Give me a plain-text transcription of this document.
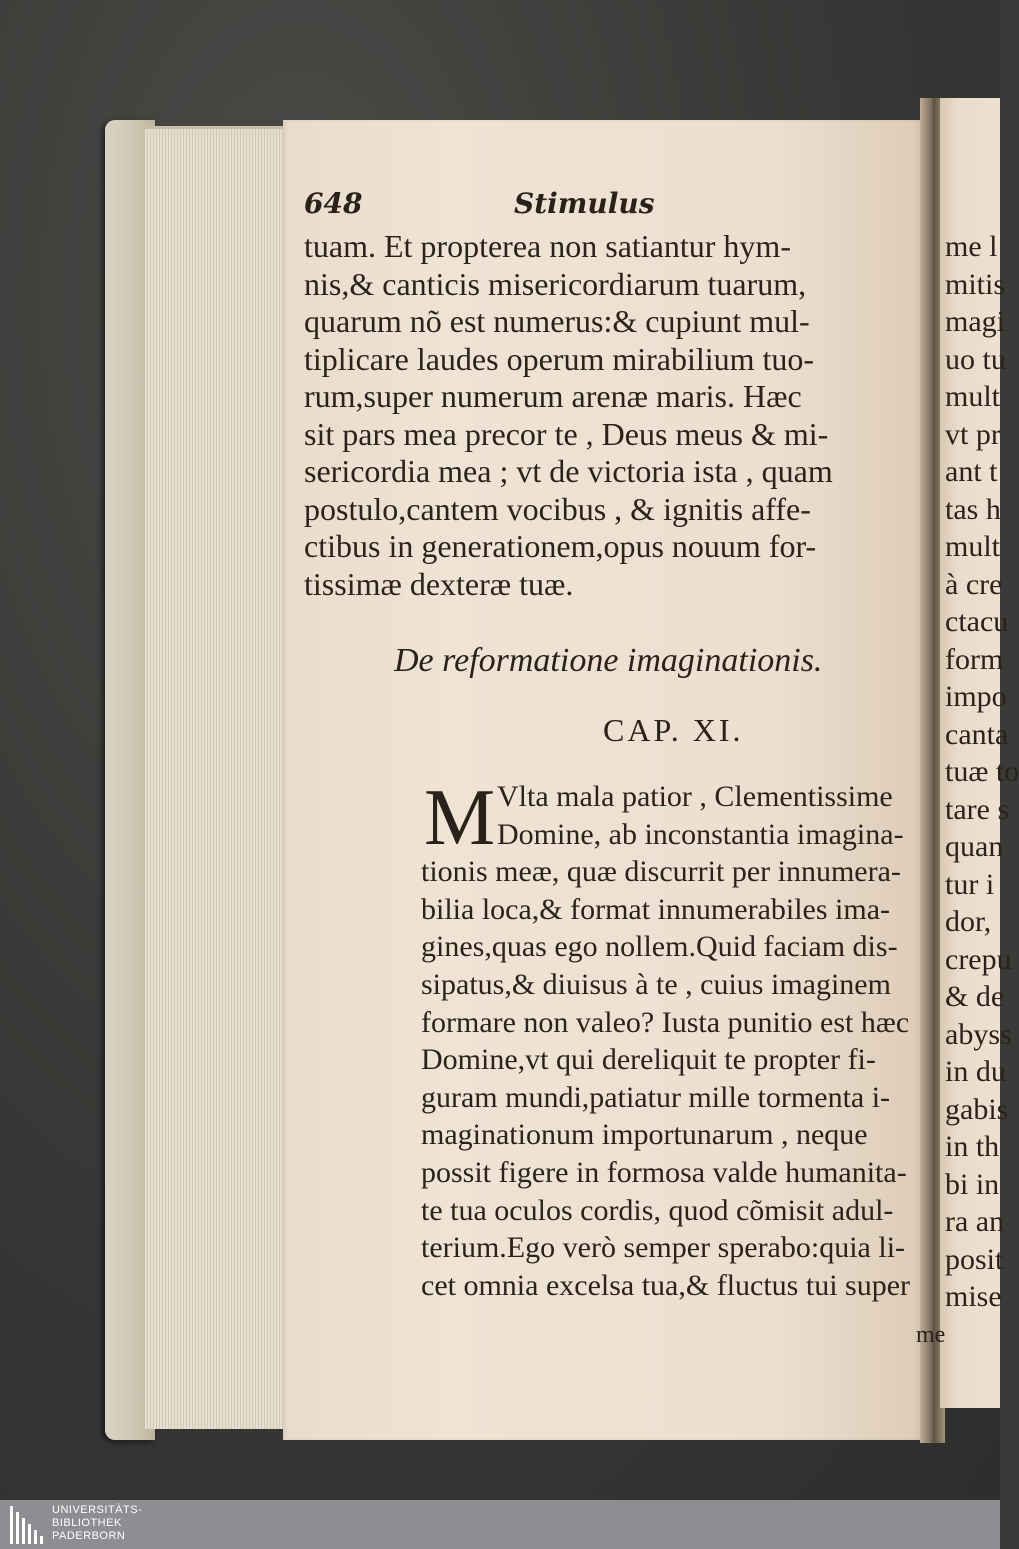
648	Stimulus
tuam. Et propterea non satiantur hym-
nis,& canticis misericordiarum tuarum,
quarum nõ est numerus:& cupiunt mul-
tiplicare laudes operum mirabilium tuo-
rum,super numerum arenæ maris. Hæc
sit pars mea precor te , Deus meus & mi-
sericordia mea ; vt de victoria ista , quam
postulo,cantem vocibus , & ignitis affe-
ctibus in generationem,opus nouum for-
tissimæ dexteræ tuæ.
De reformatione imaginationis.
CAP. XI.
M Vlta mala patior , Clementissime
Domine, ab inconstantia imagina-
tionis meæ, quæ discurrit per innumera-
bilia loca,& format innumerabiles ima-
gines,quas ego nollem.Quid faciam dis-
sipatus,& diuisus à te , cuius imaginem
formare non valeo? Iusta punitio est hæc
Domine,vt qui dereliquit te propter fi-
guram mundi,patiatur mille tormenta i-
maginationum importunarum , neque
possit figere in formosa valde humanita-
te tua oculos cordis, quod cõmisit adul-
terium.Ego verò semper sperabo:quia li-
cet omnia excelsa tua,& fluctus tui super
me l
mitis
magi
uo tu
mult
vt pr
ant t
tas h
mult
à cre
ctacu
form
impo
canta
tuæ to
tare s
quan
tur i
dor,
crepu
& de
abyss
in du
gabis
in th
bi in
ra an
posit
mise
me
UNIVERSITÄTS-
BIBLIOTHEK
PADERBORN
